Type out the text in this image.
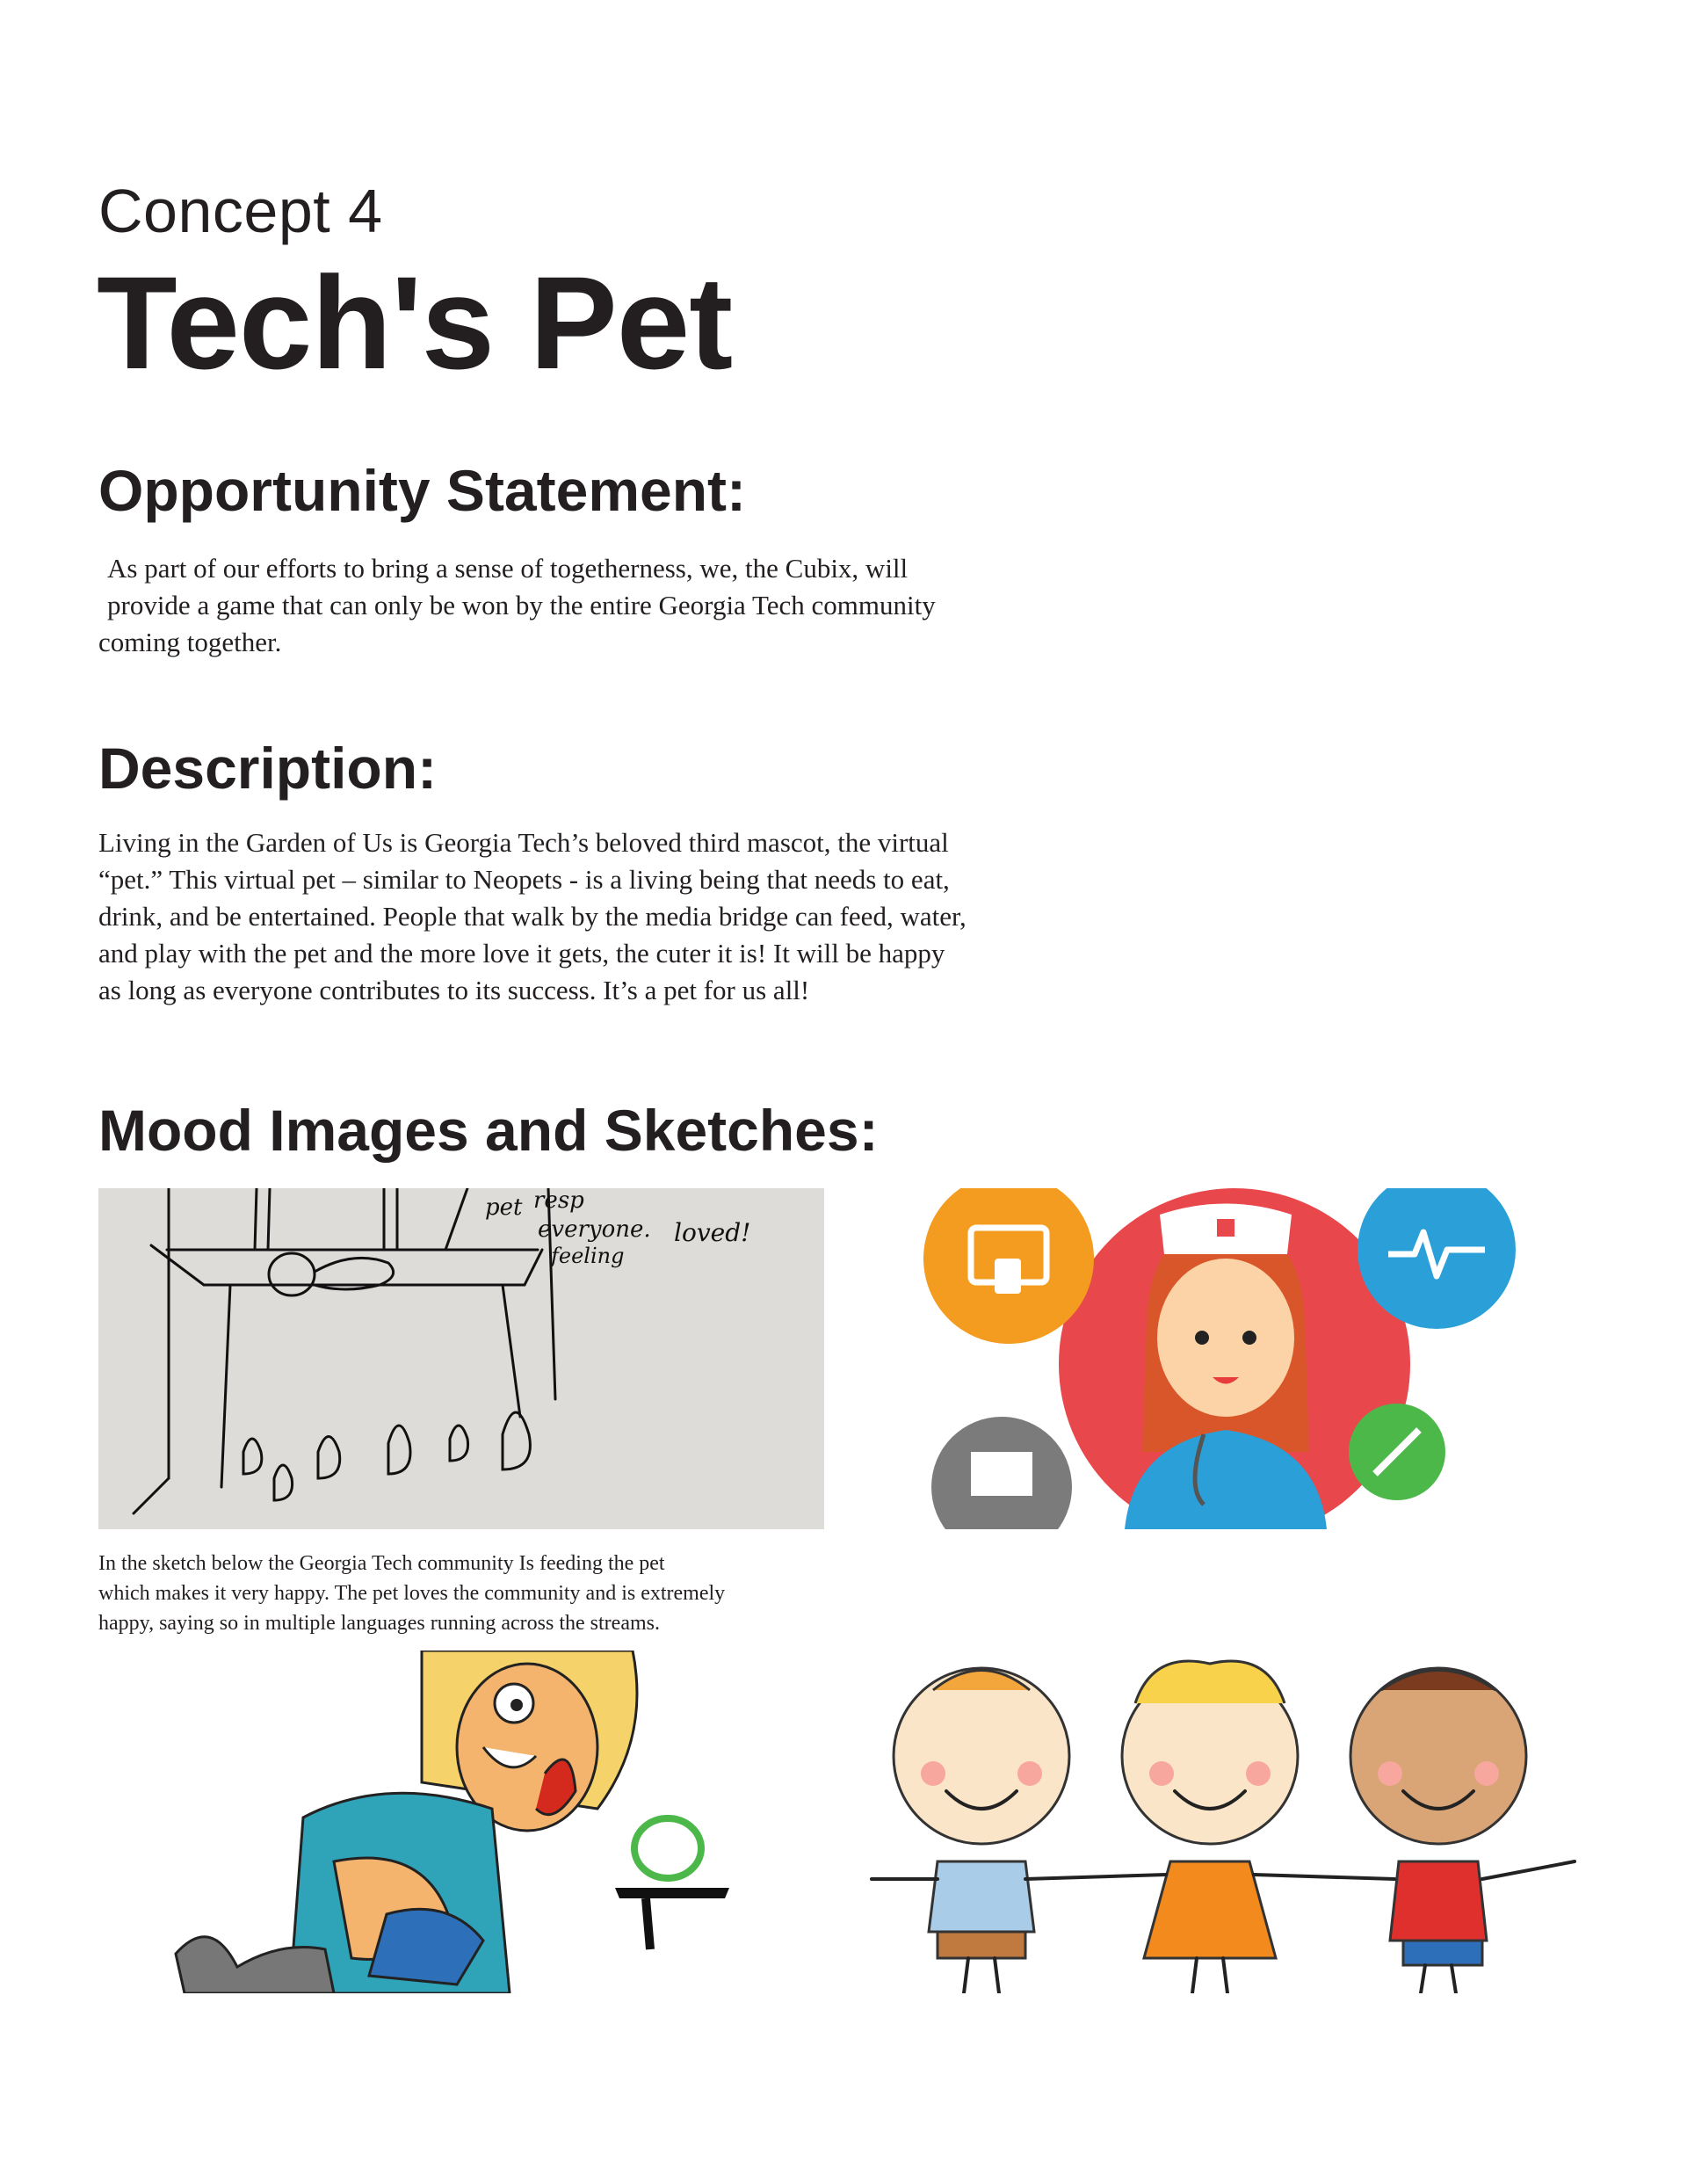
Concept 4
Tech's Pet
Opportunity Statement:
As part of our efforts to bring a sense of togetherness, we, the Cubix, will
provide a game that can only be won by the entire Georgia Tech community
coming together.
Description:
Living in the Garden of Us is Georgia Tech’s beloved third mascot, the virtual
“pet.” This virtual pet – similar to Neopets - is a living being that needs to eat,
drink, and be entertained. People that walk by the media bridge can feed, water,
and play with the pet and the more love it gets, the cuter it is! It will be happy
as long as everyone contributes to its success. It’s a pet for us all!
Mood Images and Sketches:
pet resp
everyone.
feeling
loved!
In the sketch below the Georgia Tech community Is feeding the pet
which makes it very happy. The pet loves the community and is extremely
happy, saying so in multiple languages running across the streams.
